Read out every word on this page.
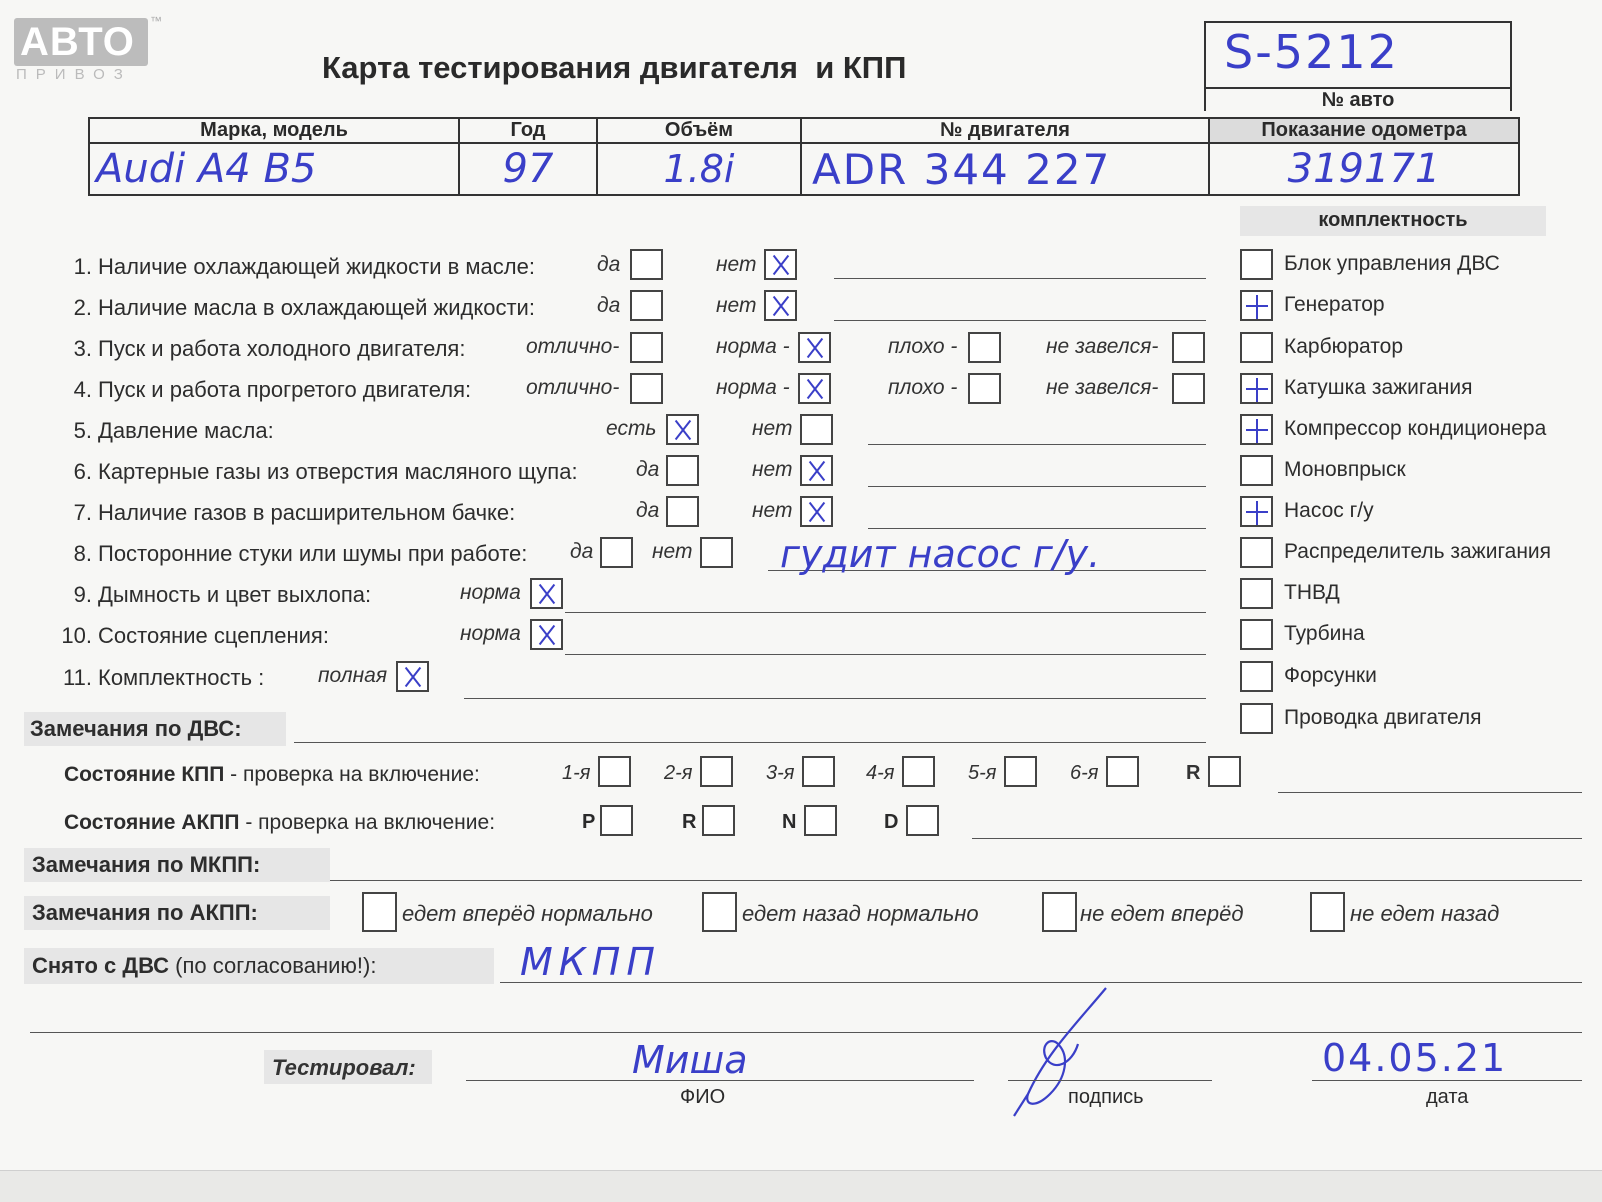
АВТО ™
ПРИВОЗ	Карта тестирования двигателя  и КПП	S-5212
№ авто
Марка, модель	Год	Объём	№ двигателя	Показание одометра

Audi A4 B5	97	1.8i	ADR 344 227	319171
комплектность
1. Наличие охлаждающей жидкости в масле:	да	нет
2. Наличие масла в охлаждающей жидкости:	да	нет
3. Пуск и работа холодного двигателя:	отлично-	норма -	плохо -	не завелся-
4. Пуск и работа прогретого двигателя:	отлично-	норма -	плохо -	не завелся-
5. Давление масла:	есть	нет
6. Картерные газы из отверстия масляного щупа:	да	нет
7. Наличие газов в расширительном бачке:	да	нет
8. Посторонние стуки или шумы при работе: да	нет гудит насос г/у.
9. Дымность и цвет выхлопа:	норма
10. Состояние сцепления:	норма
11. Комплектность :	полная
Блок управления ДВС
Генератор
Карбюратор
Катушка зажигания
Компрессор кондиционера
Моновпрыск
Насос г/у
Распределитель зажигания
ТНВД
Турбина
Форсунки
Проводка двигателя
Замечания по ДВС:
Состояние КПП - проверка на включение:	1-я	2-я	3-я	4-я	5-я	6-я	R
Состояние АКПП - проверка на включение:	P	R	N	D
Замечания по МКПП:
Замечания по АКПП:	едет вперёд нормально	едет назад нормально	не едет вперёд	не едет назад
Снято с ДВС (по согласованию!):	МКПП
Тестировал:	Миша
ФИО	подпись
04.05.21
дата
